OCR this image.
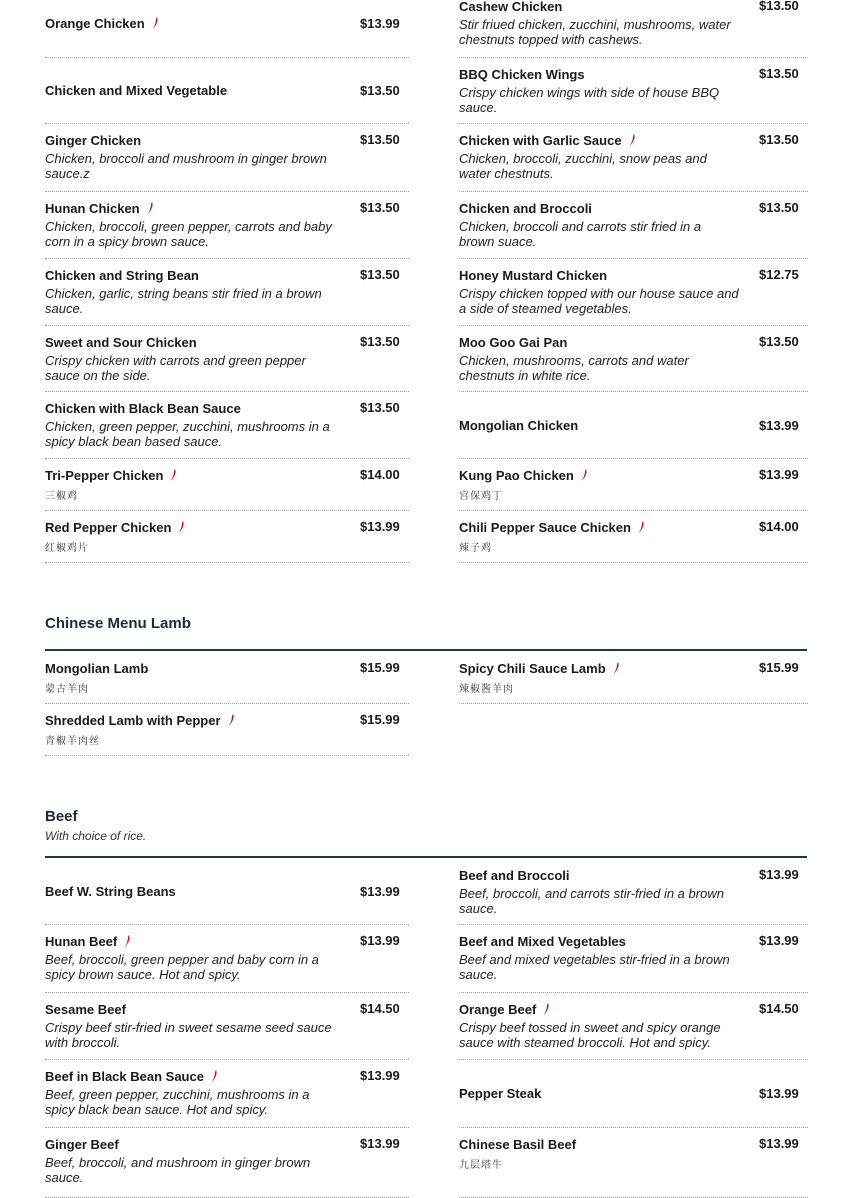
Orange Chicken	$13.99
Chicken and Mixed Vegetable	$13.50
Ginger Chicken	$13.50
Chicken, broccoli and mushroom in ginger brown sauce.z
Hunan Chicken	$13.50
Chicken, broccoli, green pepper, carrots and baby corn in a spicy brown sauce.
Chicken and String Bean	$13.50
Chicken, garlic, string beans stir fried in a brown sauce.
Sweet and Sour Chicken	$13.50
Crispy chicken with carrots and green pepper sauce on the side.
Chicken with Black Bean Sauce	$13.50
Chicken, green pepper, zucchini, mushrooms in a spicy black bean based sauce.
Tri-Pepper Chicken	$14.00
三椒鸡
Red Pepper Chicken	$13.99
红椒鸡片
Cashew Chicken	$13.50
Stir friued chicken, zucchini, mushrooms, water chestnuts topped with cashews.
BBQ Chicken Wings	$13.50
Crispy chicken wings with side of house BBQ sauce.
Chicken with Garlic Sauce	$13.50
Chicken, broccoli, zucchini, snow peas and water chestnuts.
Chicken and Broccoli	$13.50
Chicken, broccoli and carrots stir fried in a brown suace.
Honey Mustard Chicken	$12.75
Crispy chicken topped with our house sauce and a side of steamed vegetables.
Moo Goo Gai Pan	$13.50
Chicken, mushrooms, carrots and water chestnuts in white rice.
Mongolian Chicken	$13.99
Kung Pao Chicken	$13.99
宫保鸡丁
Chili Pepper Sauce Chicken	$14.00
辣子鸡
Chinese Menu Lamb
Mongolian Lamb	$15.99
蒙古羊肉
Shredded Lamb with Pepper	$15.99
青椒羊肉丝
Spicy Chili Sauce Lamb	$15.99
辣椒酱羊肉
Beef
With choice of rice.
Beef W. String Beans	$13.99
Hunan Beef	$13.99
Beef, broccoli, green pepper and baby corn in a spicy brown sauce. Hot and spicy.
Sesame Beef	$14.50
Crispy beef stir-fried in sweet sesame seed sauce with broccoli.
Beef in Black Bean Sauce	$13.99
Beef, green pepper, zucchini, mushrooms in a spicy black bean sauce. Hot and spicy.
Ginger Beef	$13.99
Beef, broccoli, and mushroom in ginger brown sauce.
Beef and Broccoli	$13.99
Beef, broccoli, and carrots stir-fried in a brown sauce.
Beef and Mixed Vegetables	$13.99
Beef and mixed vegetables stir-fried in a brown sauce.
Orange Beef	$14.50
Crispy beef tossed in sweet and spicy orange sauce with steamed broccoli. Hot and spicy.
Pepper Steak	$13.99
Chinese Basil Beef	$13.99
九层塔牛
